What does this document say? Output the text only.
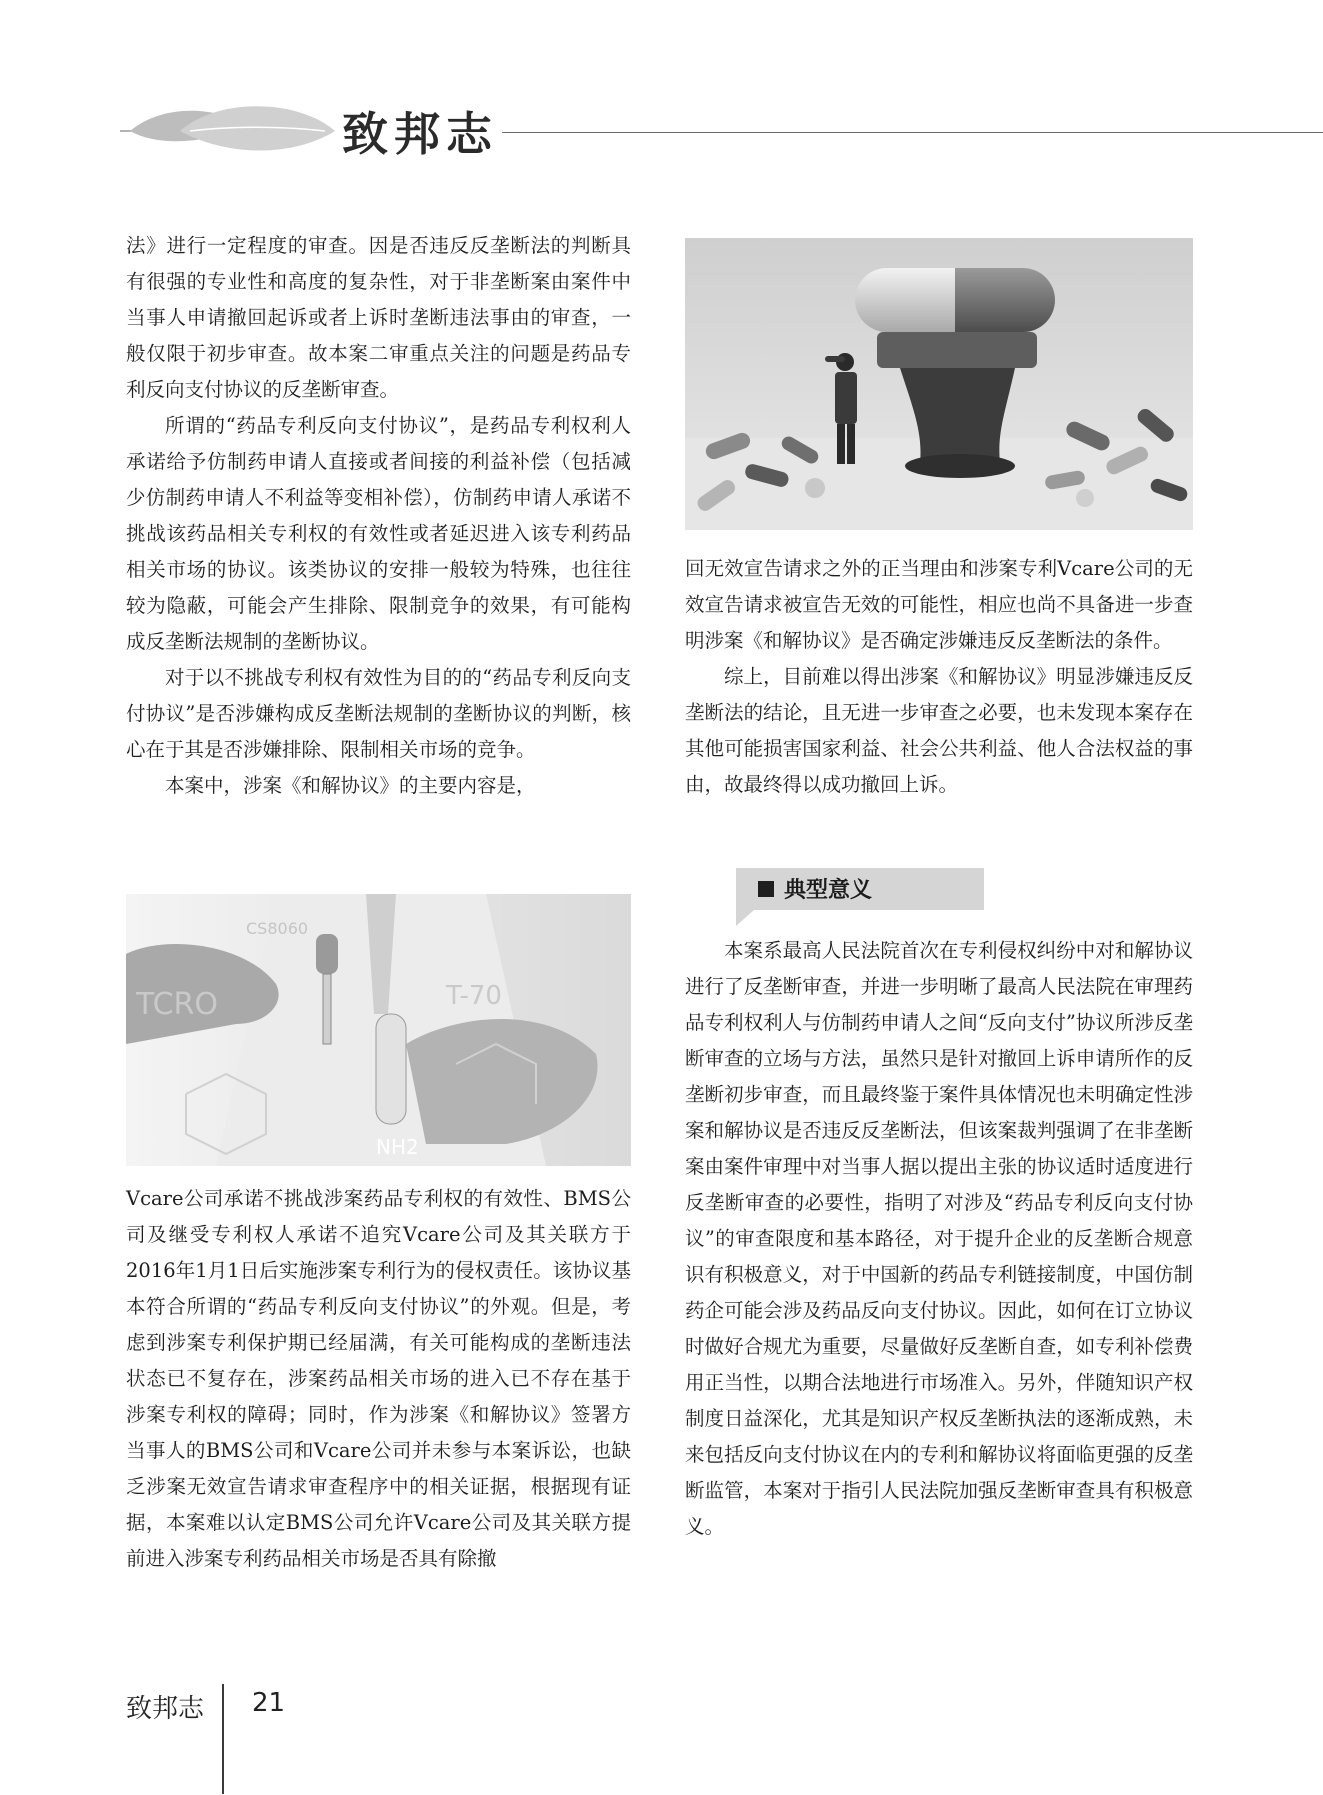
致邦志

法》进行一定程度的审查。因是否违反反垄断法的判断具有很强的专业性和高度的复杂性，对于非垄断案由案件中当事人申请撤回起诉或者上诉时垄断违法事由的审查，一般仅限于初步审查。故本案二审重点关注的问题是药品专利反向支付协议的反垄断审查。

所谓的“药品专利反向支付协议”，是药品专利权利人承诺给予仿制药申请人直接或者间接的利益补偿（包括减少仿制药申请人不利益等变相补偿），仿制药申请人承诺不挑战该药品相关专利权的有效性或者延迟进入该专利药品相关市场的协议。该类协议的安排一般较为特殊，也往往较为隐蔽，可能会产生排除、限制竞争的效果，有可能构成反垄断法规制的垄断协议。

对于以不挑战专利权有效性为目的的“药品专利反向支付协议”是否涉嫌构成反垄断法规制的垄断协议的判断，核心在于其是否涉嫌排除、限制相关市场的竞争。

本案中，涉案《和解协议》的主要内容是，

CS8060
TCRO	T-70
NH2

Vcare公司承诺不挑战涉案药品专利权的有效性、BMS公司及继受专利权人承诺不追究Vcare公司及其关联方于2016年1月1日后实施涉案专利行为的侵权责任。该协议基本符合所谓的“药品专利反向支付协议”的外观。但是，考虑到涉案专利保护期已经届满，有关可能构成的垄断违法状态已不复存在，涉案药品相关市场的进入已不存在基于涉案专利权的障碍；同时，作为涉案《和解协议》签署方当事人的BMS公司和Vcare公司并未参与本案诉讼，也缺乏涉案无效宣告请求审查程序中的相关证据，根据现有证据，本案难以认定BMS公司允许Vcare公司及其关联方提前进入涉案专利药品相关市场是否具有除撤

回无效宣告请求之外的正当理由和涉案专利Vcare公司的无效宣告请求被宣告无效的可能性，相应也尚不具备进一步查明涉案《和解协议》是否确定涉嫌违反反垄断法的条件。

综上，目前难以得出涉案《和解协议》明显涉嫌违反反垄断法的结论，且无进一步审查之必要，也未发现本案存在其他可能损害国家利益、社会公共利益、他人合法权益的事由，故最终得以成功撤回上诉。

典型意义

本案系最高人民法院首次在专利侵权纠纷中对和解协议进行了反垄断审查，并进一步明晰了最高人民法院在审理药品专利权利人与仿制药申请人之间“反向支付”协议所涉反垄断审查的立场与方法，虽然只是针对撤回上诉申请所作的反垄断初步审查，而且最终鉴于案件具体情况也未明确定性涉案和解协议是否违反反垄断法，但该案裁判强调了在非垄断案由案件审理中对当事人据以提出主张的协议适时适度进行反垄断审查的必要性，指明了对涉及“药品专利反向支付协议”的审查限度和基本路径，对于提升企业的反垄断合规意识有积极意义，对于中国新的药品专利链接制度，中国仿制药企可能会涉及药品反向支付协议。因此，如何在订立协议时做好合规尤为重要，尽量做好反垄断自查，如专利补偿费用正当性，以期合法地进行市场准入。另外，伴随知识产权制度日益深化，尤其是知识产权反垄断执法的逐渐成熟，未来包括反向支付协议在内的专利和解协议将面临更强的反垄断监管，本案对于指引人民法院加强反垄断审查具有积极意义。

致邦志 21
